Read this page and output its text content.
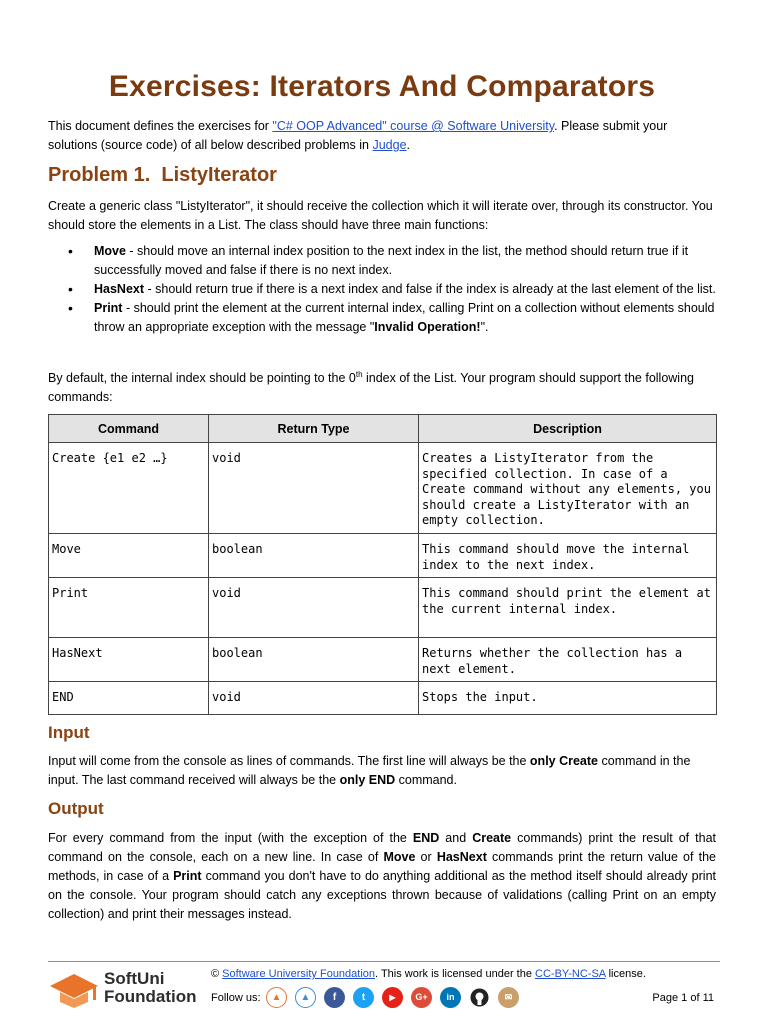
Exercises: Iterators And Comparators

This document defines the exercises for "C# OOP Advanced" course @ Software University. Please submit your solutions (source code) of all below described problems in Judge.

Problem 1.  ListyIterator

Create a generic class "ListyIterator", it should receive the collection which it will iterate over, through its constructor. You should store the elements in a List. The class should have three main functions:

• Move - should move an internal index position to the next index in the list, the method should return true if it successfully moved and false if there is no next index.
• HasNext - should return true if there is a next index and false if the index is already at the last element of the list.
• Print - should print the element at the current internal index, calling Print on a collection without elements should throw an appropriate exception with the message "Invalid Operation!".

By default, the internal index should be pointing to the 0th index of the List. Your program should support the following commands:

Command	Return Type	Description
Create {e1 e2 …}	void	Creates a ListyIterator from the specified collection. In case of a Create command without any elements, you should create a ListyIterator with an empty collection.
Move	boolean	This command should move the internal index to the next index.
Print	void	This command should print the element at the current internal index.
HasNext	boolean	Returns whether the collection has a next element.
END	void	Stops the input.
Input

Input will come from the console as lines of commands. The first line will always be the only Create command in the input. The last command received will always be the only END command.

Output

For every command from the input (with the exception of the END and Create commands) print the result of that command on the console, each on a new line. In case of Move or HasNext commands print the return value of the methods, in case of a Print command you don't have to do anything additional as the method itself should already print on the console. Your program should catch any exceptions thrown because of validations (calling Print on an empty collection) and print their messages instead.

SoftUni
Foundation
© Software University Foundation. This work is licensed under the CC-BY-NC-SA license.
Follow us:	▲	▲	f	t	▶	G+	in	✉	Page 1 of 11
